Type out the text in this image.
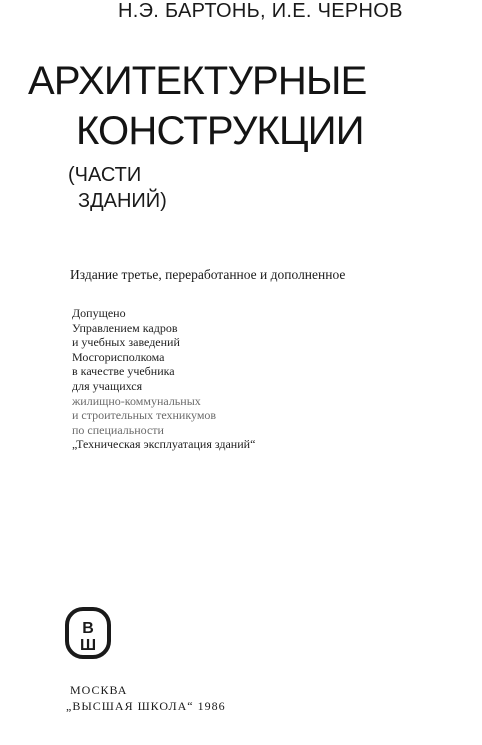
Н.Э. БАРТОНЬ, И.Е. ЧЕРНОВ
АРХИТЕКТУРНЫЕ
КОНСТРУКЦИИ
(ЧАСТИ
ЗДАНИЙ)
Издание третье, переработанное и дополненное
Допущено
Управлением кадров
и учебных заведений
Мосгорисполкома
в качестве учебника
для учащихся
жилищно-коммунальных
и строительных техникумов
по специальности
„Техническая эксплуатация зданий“
В
Ш
МОСКВА
„ВЫСШАЯ ШКОЛА“ 1986
